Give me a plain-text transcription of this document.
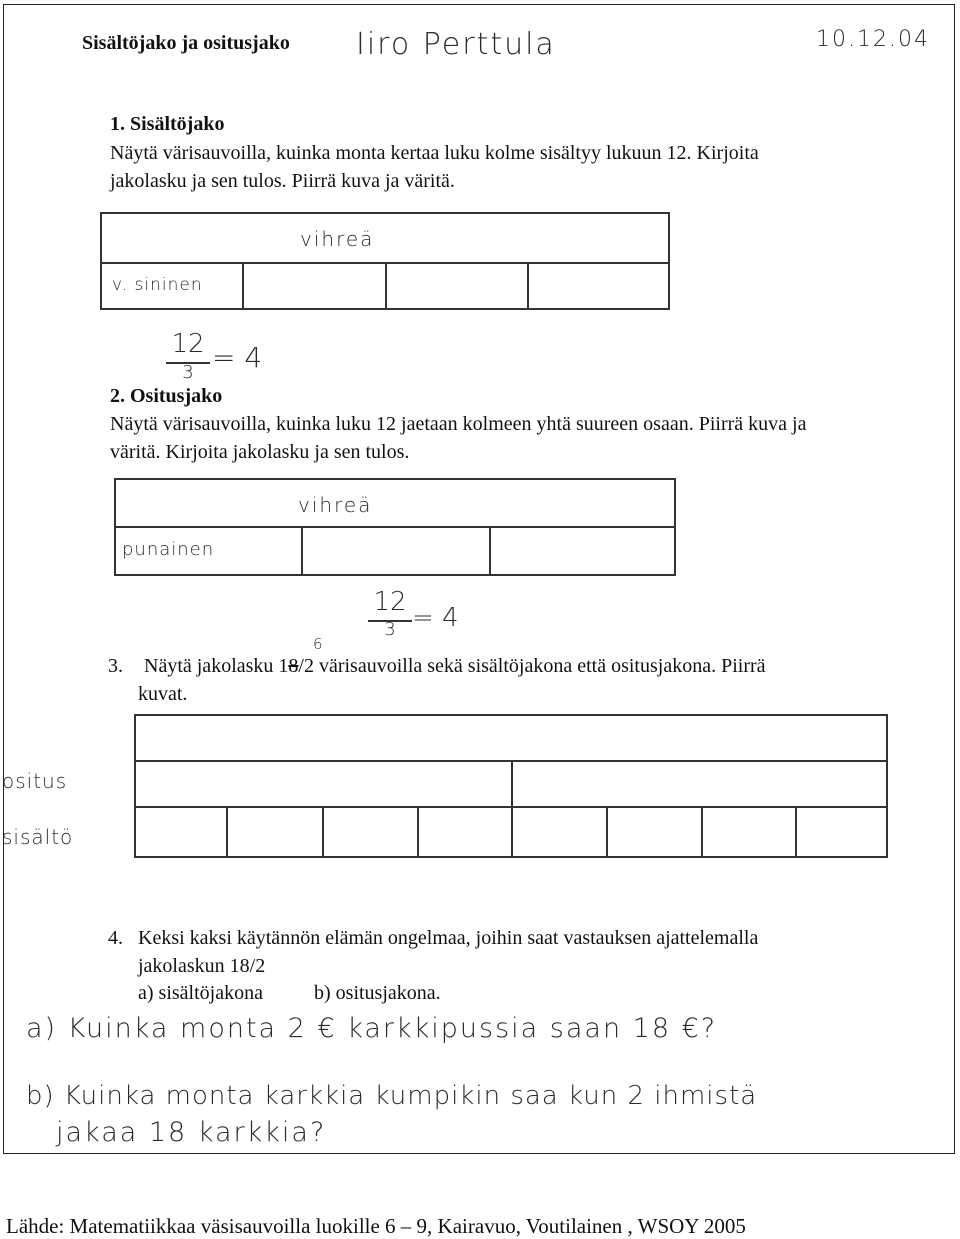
Sisältöjako ja ositusjako Iiro Perttula	10.12.04
1. Sisältöjako
Näytä värisauvoilla, kuinka monta kertaa luku kolme sisältyy lukuun 12. Kirjoita
jakolasku ja sen tulos. Piirrä kuva ja väritä.
vihreä
v. sininen
12
3 = 4
2. Ositusjako
Näytä värisauvoilla, kuinka luku 12 jaetaan kolmeen yhtä suureen osaan. Piirrä kuva ja
väritä. Kirjoita jakolasku ja sen tulos.
vihreä
punainen
12
3 = 4
6
3. Näytä jakolasku 18/2 värisauvoilla sekä sisältöjakona että ositusjakona. Piirrä
kuvat.
ositus
sisältö
4. Keksi kaksi käytännön elämän ongelmaa, joihin saat vastauksen ajattelemalla
jakolaskun 18/2
a) sisältöjakona	b) ositusjakona.
a) Kuinka monta 2 € karkkipussia saan 18 €?
b) Kuinka monta karkkia kumpikin saa kun 2 ihmistä
jakaa 18 karkkia?
Lähde: Matematiikkaa väsisauvoilla luokille 6 – 9, Kairavuo, Voutilainen , WSOY 2005
